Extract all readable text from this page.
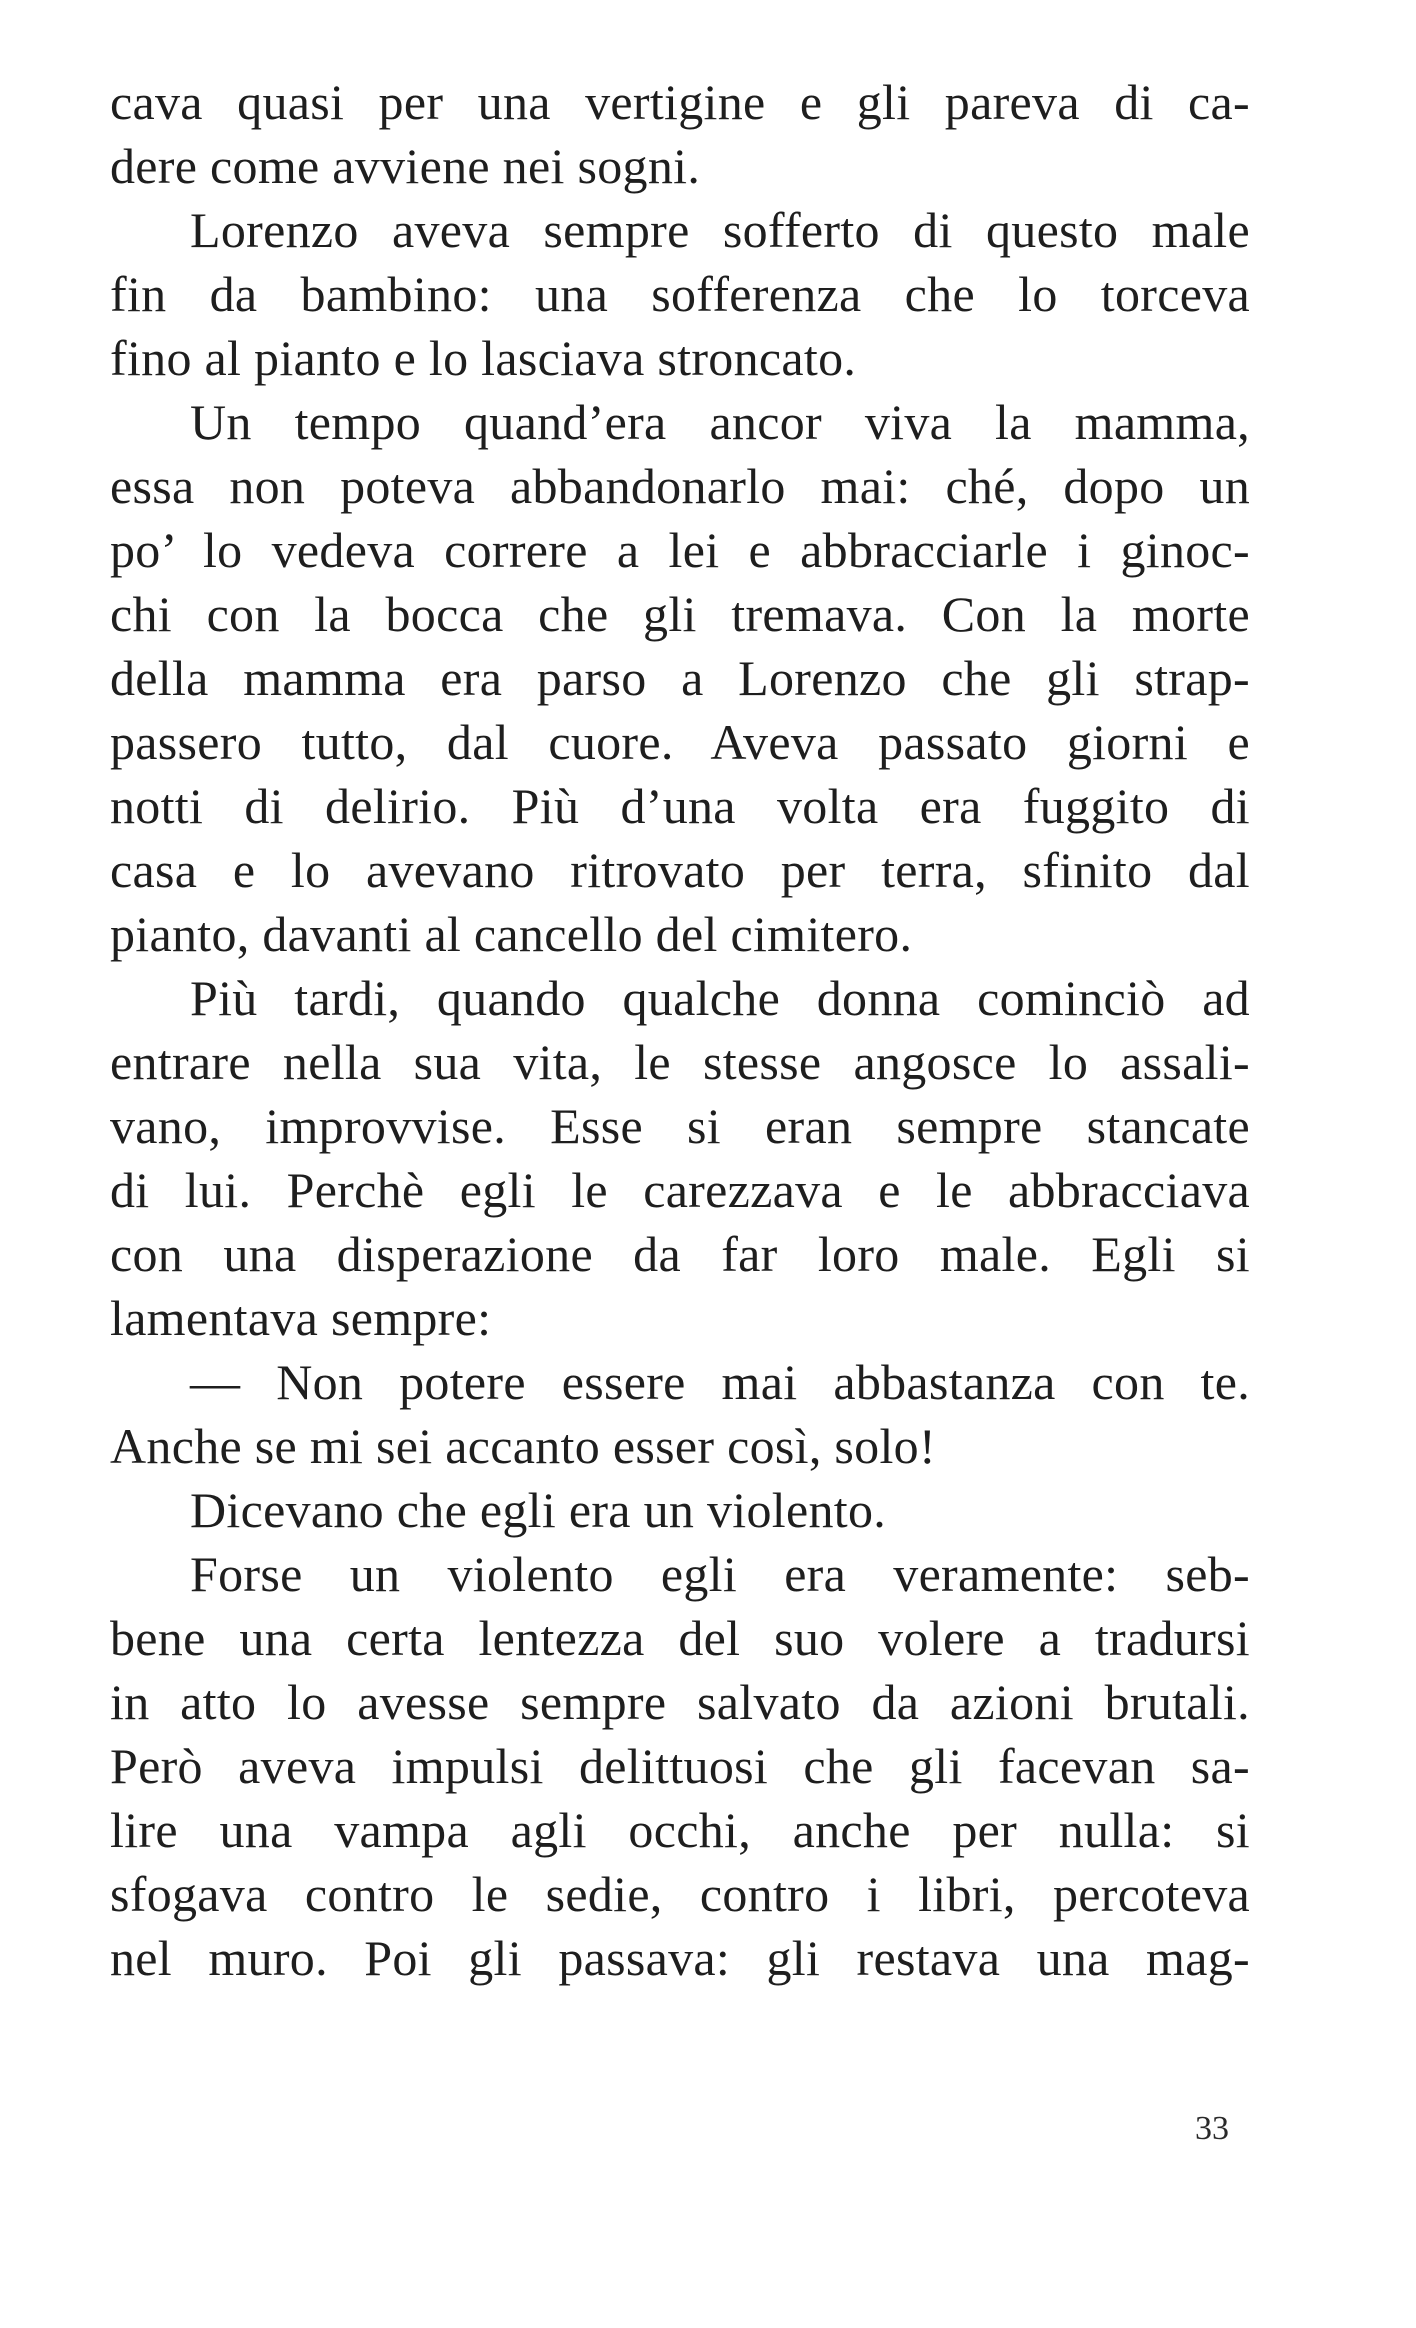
cava quasi per una vertigine e gli pareva di ca-
dere come avviene nei sogni.
Lorenzo aveva sempre sofferto di questo male
fin da bambino: una sofferenza che lo torceva
fino al pianto e lo lasciava stroncato.
Un tempo quand’era ancor viva la mamma,
essa non poteva abbandonarlo mai: ché, dopo un
po’ lo vedeva correre a lei e abbracciarle i ginoc-
chi con la bocca che gli tremava. Con la morte
della mamma era parso a Lorenzo che gli strap-
passero tutto, dal cuore. Aveva passato giorni e
notti di delirio. Più d’una volta era fuggito di
casa e lo avevano ritrovato per terra, sfinito dal
pianto, davanti al cancello del cimitero.
Più tardi, quando qualche donna cominciò ad
entrare nella sua vita, le stesse angosce lo assali-
vano, improvvise. Esse si eran sempre stancate
di lui. Perchè egli le carezzava e le abbracciava
con una disperazione da far loro male. Egli si
lamentava sempre:
— Non potere essere mai abbastanza con te.
Anche se mi sei accanto esser così, solo!
Dicevano che egli era un violento.
Forse un violento egli era veramente: seb-
bene una certa lentezza del suo volere a tradursi
in atto lo avesse sempre salvato da azioni brutali.
Però aveva impulsi delittuosi che gli facevan sa-
lire una vampa agli occhi, anche per nulla: si
sfogava contro le sedie, contro i libri, percoteva
nel muro. Poi gli passava: gli restava una mag-
33
